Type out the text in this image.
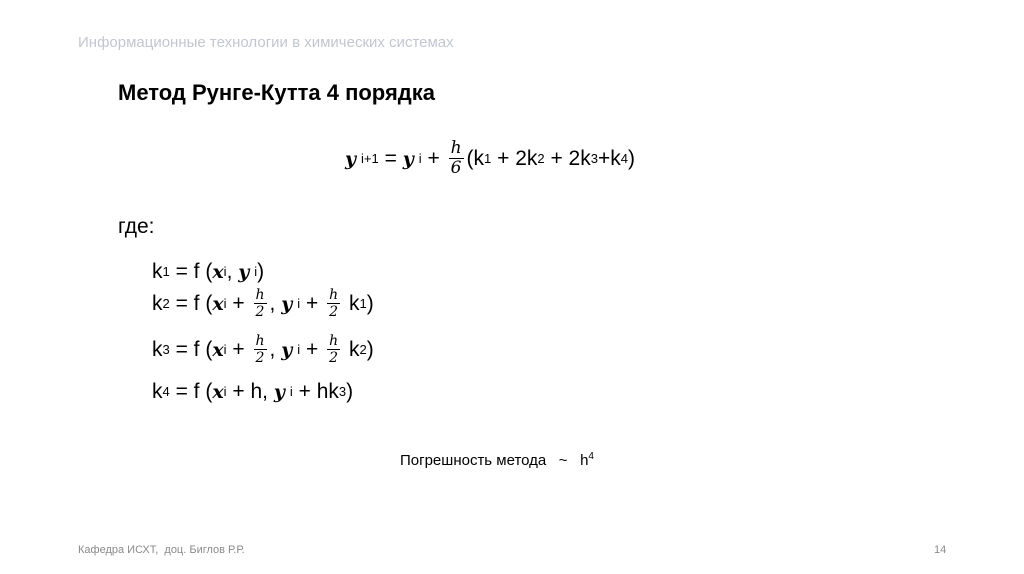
Информационные технологии в химических системах
Метод Рунге-Кутта 4 порядка
𝒚 i+1 = 𝒚 $i + \frac{\text{ℎ}}{6} (k$ 1 + 2k 2 + 2k 3 +k 4 )
где:
k 1 = f ( 𝒙 i , 𝒚 i )
k 2 = f ( 𝒙 $i + \frac{\text{ℎ}}{2}$ , 𝒚 $i + \frac{\text{ℎ}}{2}$ k 1 )
k 3 = f ( 𝒙 $i + \frac{\text{ℎ}}{2}$ , 𝒚 $i + \frac{\text{ℎ}}{2}$ k 2 )
k 4 = f ( 𝒙 i + h, 𝒚 i + hk 3 )
Погрешность метода ~ $h^4$
Кафедра ИСХТ,  доц. Биглов Р.Р.	14
